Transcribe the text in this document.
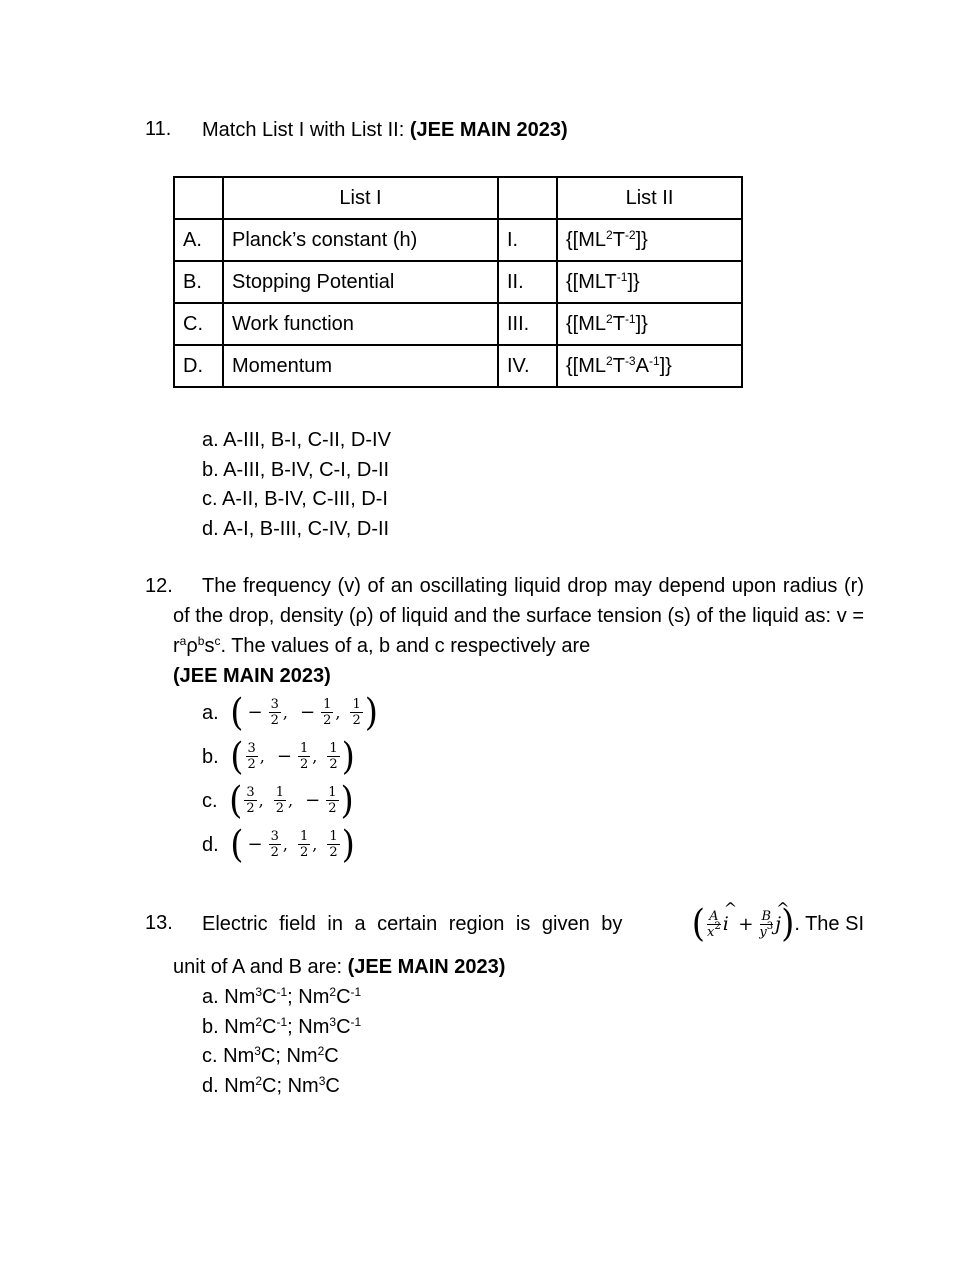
11. Match List I with List II: (JEE MAIN 2023)
	List I		List II
A.	Planck’s constant (h)	I.	$\{[ML^2T^{-2}]\}$
B.	Stopping Potential	II.	$\{[MLT^{-1}]\}$
C.	Work function	III.	$\{[ML^2T^{-1}]\}$
D.	Momentum	IV.	$\{[ML^2T^{-3}A^{-1}]\}$
a. A-III, B-I, C-II, D-IV
b. A-III, B-IV, C-I, D-II
c. A-II, B-IV, C-III, D-I
d. A-I, B-III, C-IV, D-II
12.	The frequency (v) of an oscillating liquid drop may depend upon radius (r) of the drop, density (ρ) of liquid and the surface tension (s) of the liquid as: $v = r^a\rho^bs^c$. The values of a, b and c respectively are
(JEE MAIN 2023)
a. ( − $\frac{3}{2}$ , − $\frac{1}{2}$ , $\frac{1}{2}$ )
b. ( $\frac{3}{2}$ , − $\frac{1}{2}$ , $\frac{1}{2}$ )
c. ( $\frac{3}{2}$ , $\frac{1}{2}$ , − $\frac{1}{2}$ )
d. ( − $\frac{3}{2}$ , $\frac{1}{2}$ , $\frac{1}{2}$ )
13. Electric field in a certain region is given by	( $\frac{A}{x^2}$ ^ $i + \frac{B}{y^3}$ ^ j) . The SI
unit of A and B are: (JEE MAIN 2023)
a. $Nm^3C^{-1}$; $Nm^2C^{-1}$
b. $Nm^2C^{-1}$; $Nm^3C^{-1}$
c. Nm$^3$C; Nm$^2$C
d. Nm$^2$C; Nm$^3$C
